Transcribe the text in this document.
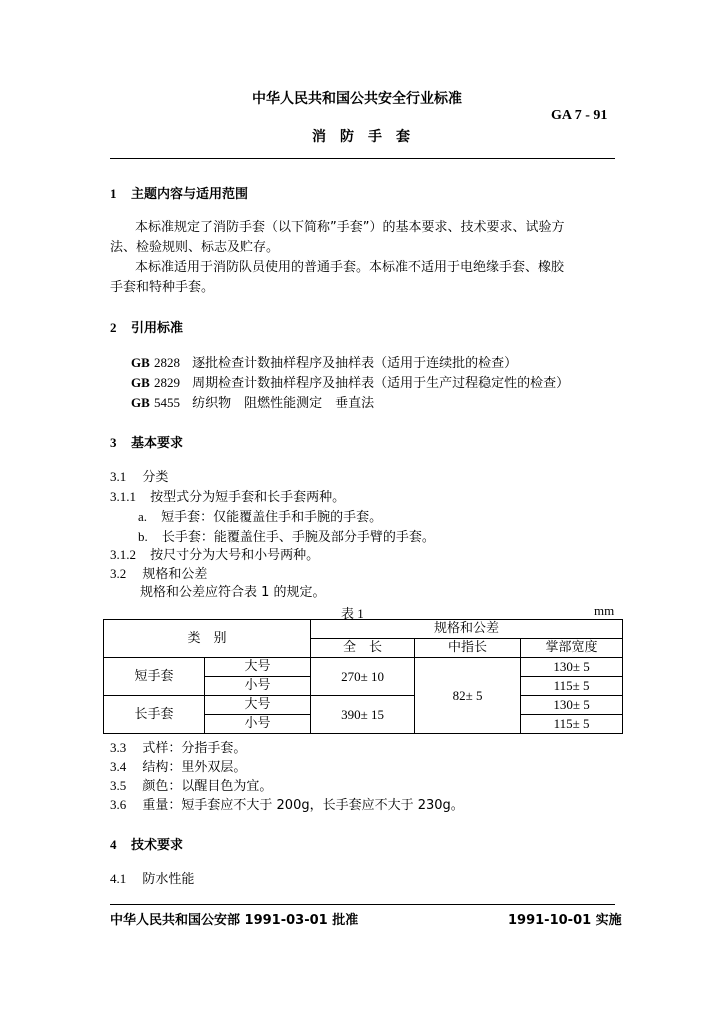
中华人民共和国公共安全行业标准
GA 7 - 91
消　防　手　套
1 主题内容与适用范围
本标准规定了消防手套（以下简称”手套”）的基本要求、技术要求、试验方
法、检验规则、标志及贮存。
本标准适用于消防队员使用的普通手套。本标准不适用于电绝缘手套、橡胶
手套和特种手套。
2 引用标准
GB 2828 逐批检查计数抽样程序及抽样表（适用于连续批的检查）
GB 2829 周期检查计数抽样程序及抽样表（适用于生产过程稳定性的检查）
GB 5455 纺织物　阻燃性能测定　垂直法
3 基本要求
3.1 分类
3.1.1 按型式分为短手套和长手套两种。
a. 短手套：仅能覆盖住手和手腕的手套。
b. 长手套：能覆盖住手、手腕及部分手臂的手套。
3.1.2 按尺寸分为大号和小号两种。
3.2 规格和公差
规格和公差应符合表 1 的规定。
表 1	mm
类　别		规格和公差		
		全　长	中指长	掌部宽度
短手套	大号	270± 10	82± 5	130± 5
	小号			115± 5
长手套	大号	390± 15		130± 5
	小号			115± 5
3.3 式样：分指手套。
3.4 结构：里外双层。
3.5 颜色：以醒目色为宜。
3.6 重量：短手套应不大于 200g，长手套应不大于 230g。
4 技术要求
4.1 防水性能
中华人民共和国公安部 1991-03-01 批准	1991-10-01 实施
